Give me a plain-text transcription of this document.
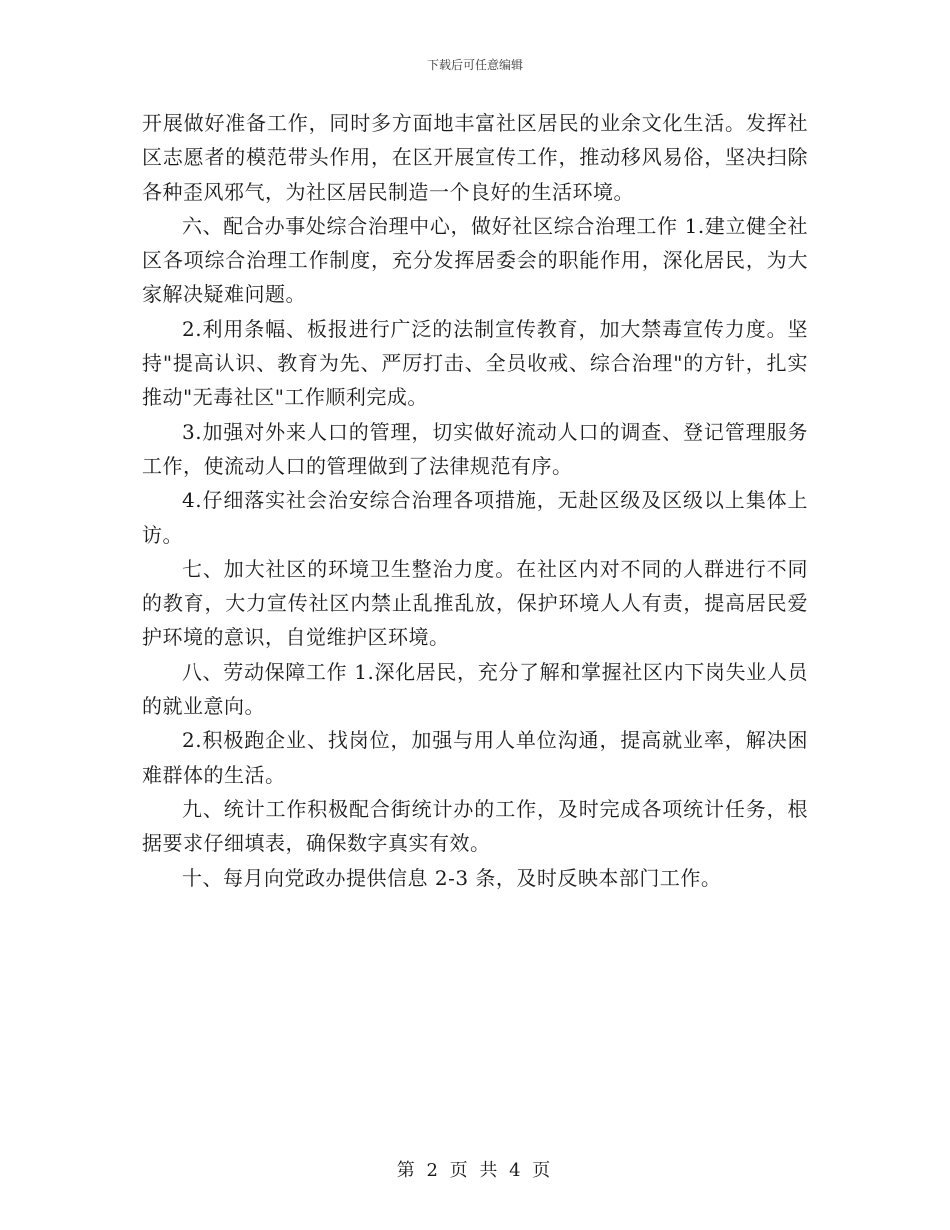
下载后可任意编辑

开展做好准备工作，同时多方面地丰富社区居民的业余文化生活。发挥社区志愿者的模范带头作用，在区开展宣传工作，推动移风易俗，坚决扫除各种歪风邪气，为社区居民制造一个良好的生活环境。

六、配合办事处综合治理中心，做好社区综合治理工作 1.建立健全社区各项综合治理工作制度，充分发挥居委会的职能作用，深化居民，为大家解决疑难问题。

2.利用条幅、板报进行广泛的法制宣传教育，加大禁毒宣传力度。坚持"提高认识、教育为先、严厉打击、全员收戒、综合治理"的方针，扎实推动"无毒社区"工作顺利完成。

3.加强对外来人口的管理，切实做好流动人口的调查、登记管理服务工作，使流动人口的管理做到了法律规范有序。

4.仔细落实社会治安综合治理各项措施，无赴区级及区级以上集体上访。

七、加大社区的环境卫生整治力度。在社区内对不同的人群进行不同的教育，大力宣传社区内禁止乱推乱放，保护环境人人有责，提高居民爱护环境的意识，自觉维护区环境。

八、劳动保障工作 1.深化居民，充分了解和掌握社区内下岗失业人员的就业意向。

2.积极跑企业、找岗位，加强与用人单位沟通，提高就业率，解决困难群体的生活。

九、统计工作积极配合街统计办的工作，及时完成各项统计任务，根据要求仔细填表，确保数字真实有效。

十、每月向党政办提供信息 2-3 条，及时反映本部门工作。

第 2 页 共 4 页
